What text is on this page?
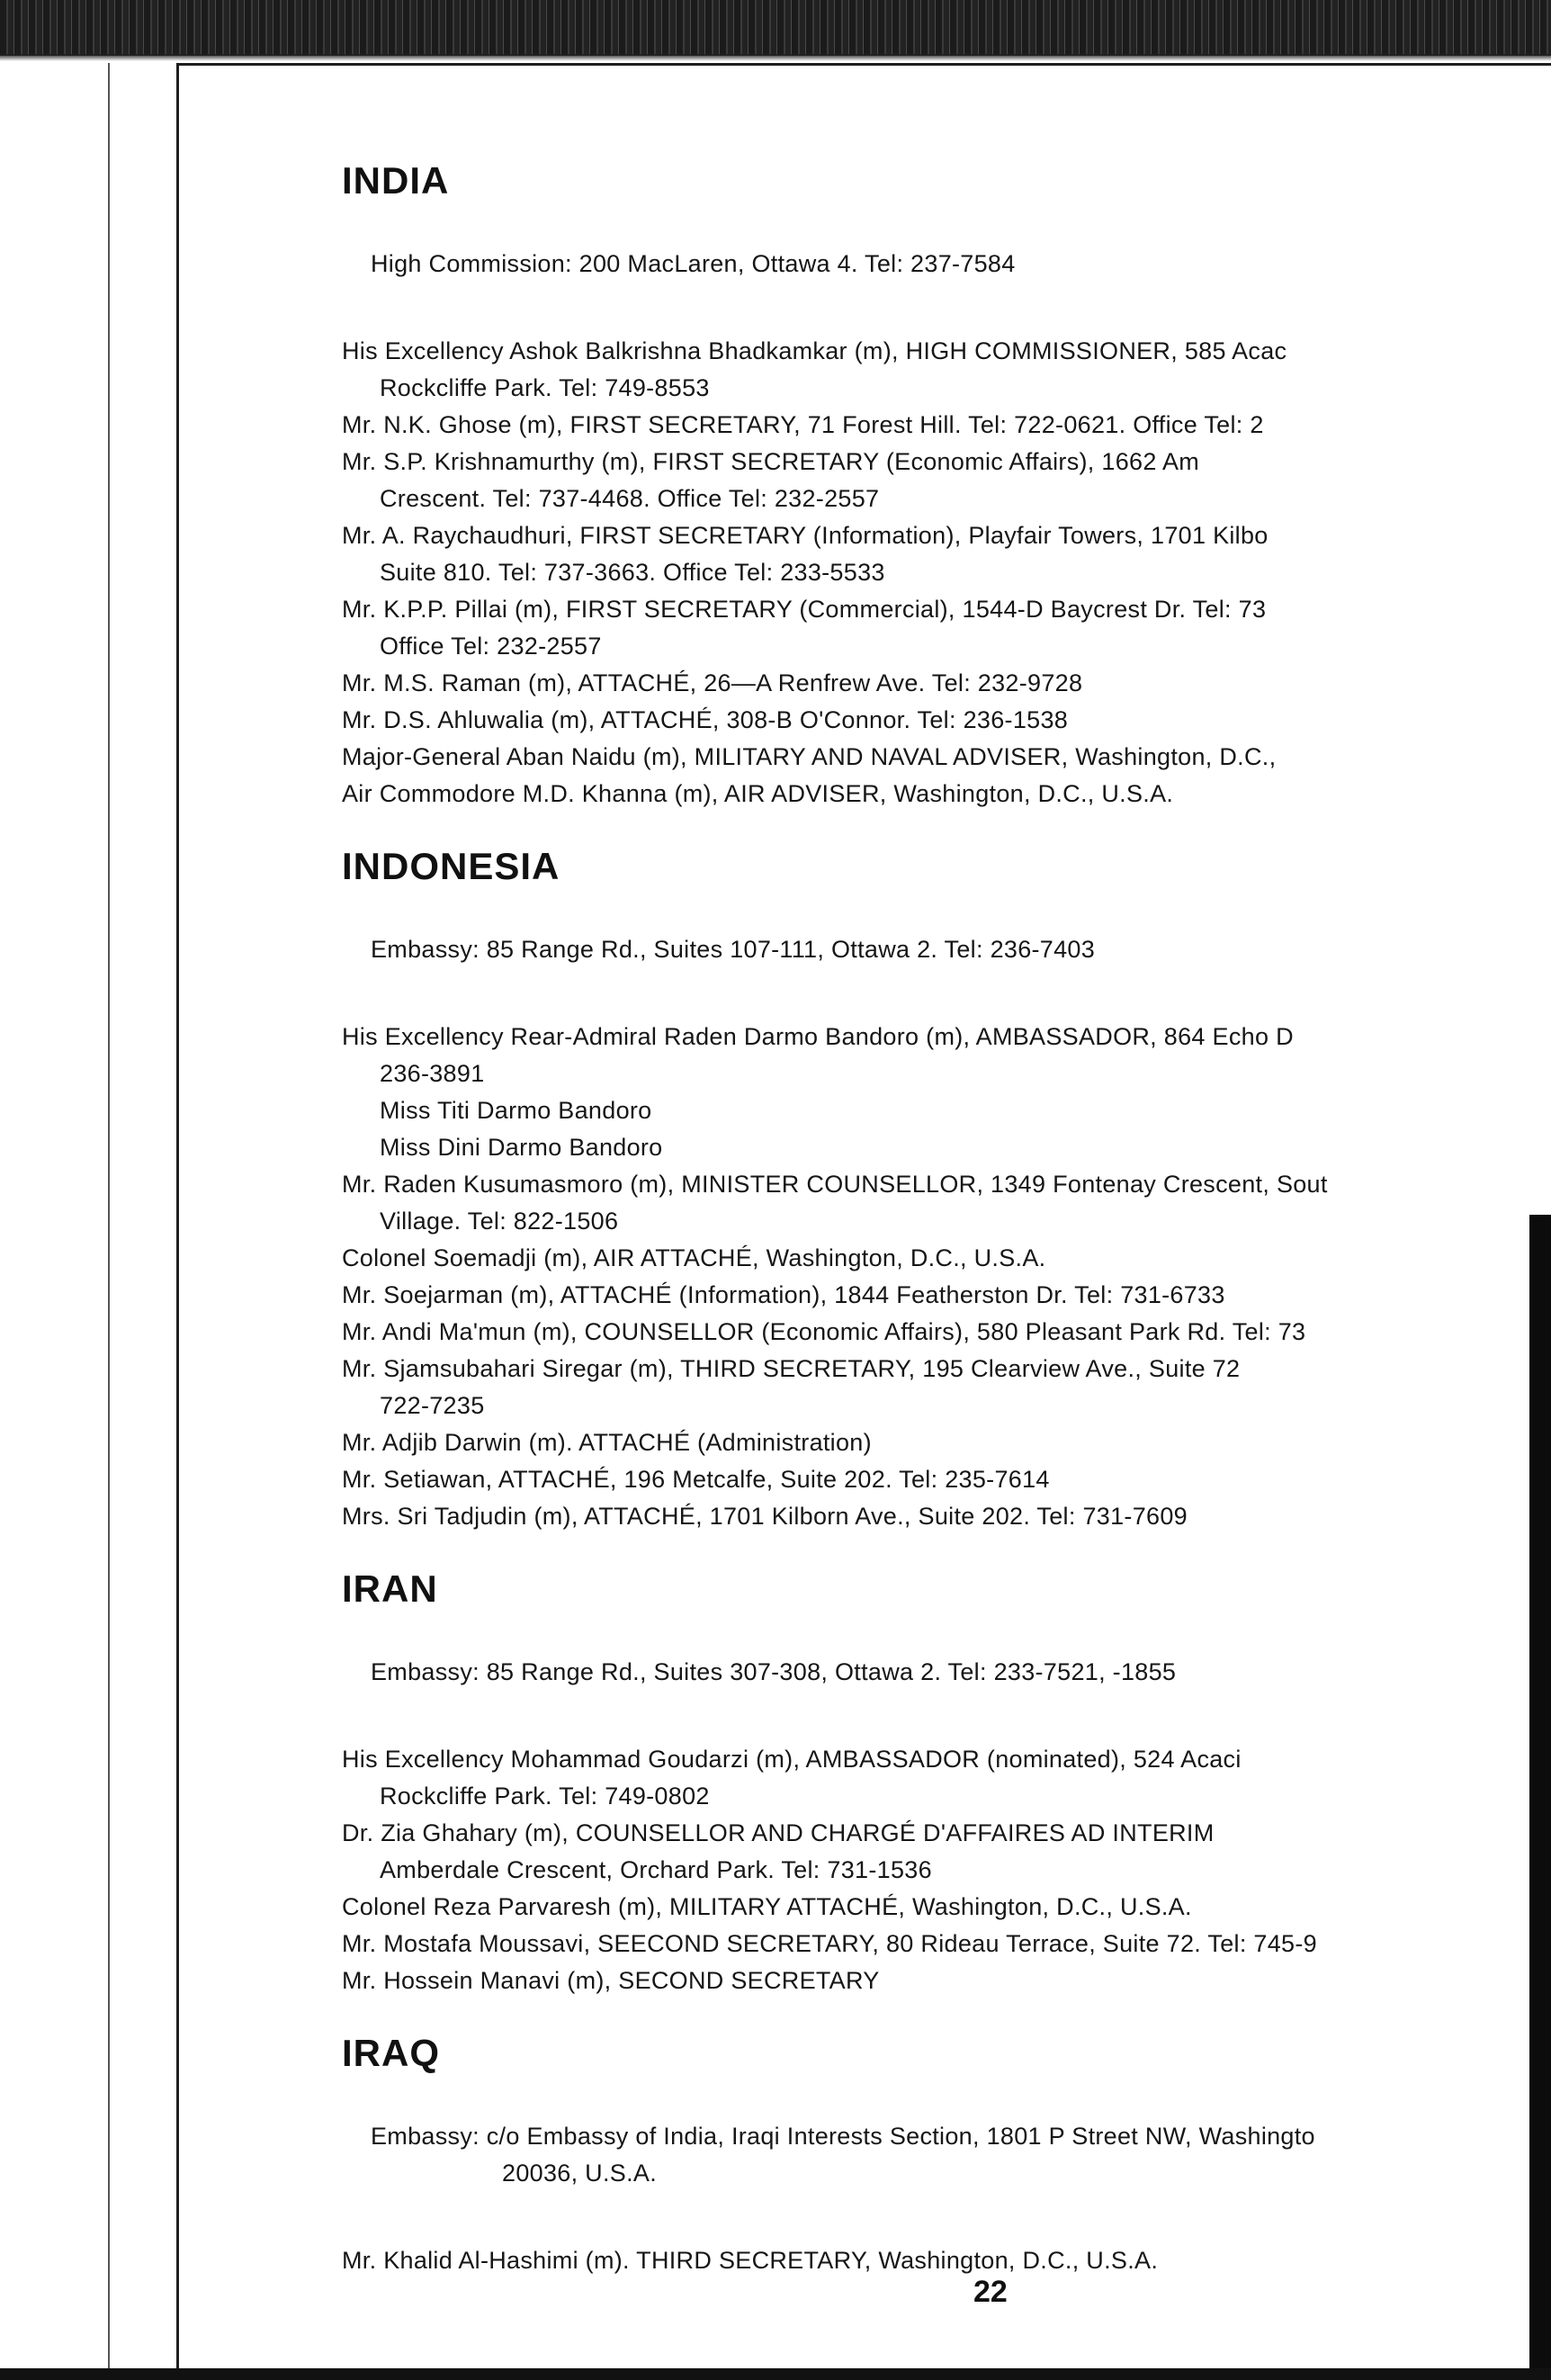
INDIA
High Commission: 200 MacLaren, Ottawa 4. Tel: 237-7584
His Excellency Ashok Balkrishna Bhadkamkar (m), HIGH COMMISSIONER, 585 Acac
Rockcliffe Park. Tel: 749-8553
Mr. N.K. Ghose (m), FIRST SECRETARY, 71 Forest Hill. Tel: 722-0621. Office Tel: 2
Mr. S.P. Krishnamurthy (m), FIRST SECRETARY (Economic Affairs), 1662 Am
Crescent. Tel: 737-4468. Office Tel: 232-2557
Mr. A. Raychaudhuri, FIRST SECRETARY (Information), Playfair Towers, 1701 Kilbo
Suite 810. Tel: 737-3663. Office Tel: 233-5533
Mr. K.P.P. Pillai (m), FIRST SECRETARY (Commercial), 1544-D Baycrest Dr. Tel: 73
Office Tel: 232-2557
Mr. M.S. Raman (m), ATTACHÉ, 26—A Renfrew Ave. Tel: 232-9728
Mr. D.S. Ahluwalia (m), ATTACHÉ, 308-B O'Connor. Tel: 236-1538
Major-General Aban Naidu (m), MILITARY AND NAVAL ADVISER, Washington, D.C.,
Air Commodore M.D. Khanna (m), AIR ADVISER, Washington, D.C., U.S.A.
INDONESIA
Embassy: 85 Range Rd., Suites 107-111, Ottawa 2. Tel: 236-7403
His Excellency Rear-Admiral Raden Darmo Bandoro (m), AMBASSADOR, 864 Echo D
236-3891
Miss Titi Darmo Bandoro
Miss Dini Darmo Bandoro
Mr. Raden Kusumasmoro (m), MINISTER COUNSELLOR, 1349 Fontenay Crescent, Sout
Village. Tel: 822-1506
Colonel Soemadji (m), AIR ATTACHÉ, Washington, D.C., U.S.A.
Mr. Soejarman (m), ATTACHÉ (Information), 1844 Featherston Dr. Tel: 731-6733
Mr. Andi Ma'mun (m), COUNSELLOR (Economic Affairs), 580 Pleasant Park Rd. Tel: 73
Mr. Sjamsubahari Siregar (m), THIRD SECRETARY, 195 Clearview Ave., Suite 72
722-7235
Mr. Adjib Darwin (m). ATTACHÉ (Administration)
Mr. Setiawan, ATTACHÉ, 196 Metcalfe, Suite 202. Tel: 235-7614
Mrs. Sri Tadjudin (m), ATTACHÉ, 1701 Kilborn Ave., Suite 202. Tel: 731-7609
IRAN
Embassy: 85 Range Rd., Suites 307-308, Ottawa 2. Tel: 233-7521, -1855
His Excellency Mohammad Goudarzi (m), AMBASSADOR (nominated), 524 Acaci
Rockcliffe Park. Tel: 749-0802
Dr. Zia Ghahary (m), COUNSELLOR AND CHARGÉ D'AFFAIRES AD INTERIM
Amberdale Crescent, Orchard Park. Tel: 731-1536
Colonel Reza Parvaresh (m), MILITARY ATTACHÉ, Washington, D.C., U.S.A.
Mr. Mostafa Moussavi, SEECOND SECRETARY, 80 Rideau Terrace, Suite 72. Tel: 745-9
Mr. Hossein Manavi (m), SECOND SECRETARY
IRAQ
Embassy: c/o Embassy of India, Iraqi Interests Section, 1801 P Street NW, Washingto
20036, U.S.A.
Mr. Khalid Al-Hashimi (m). THIRD SECRETARY, Washington, D.C., U.S.A.
22
